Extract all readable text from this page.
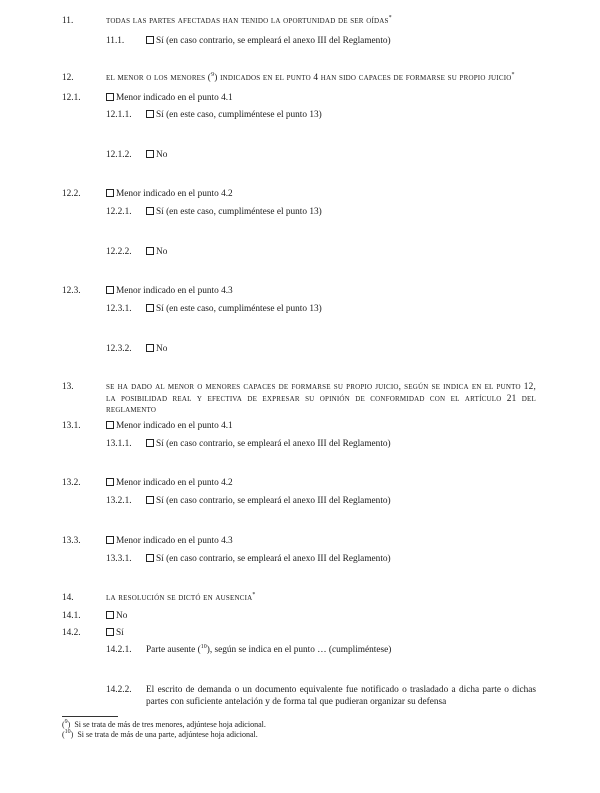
11.	todas las partes afectadas han tenido la oportunidad de ser oídas*
11.1.	Sí (en caso contrario, se empleará el anexo III del Reglamento)
12.	el menor o los menores ($^9$) indicados en el punto 4 han sido capaces de formarse su propio juicio*
12.1.	Menor indicado en el punto 4.1
12.1.1.	Sí (en este caso, cumpliméntese el punto 13)
12.1.2.	No
12.2.	Menor indicado en el punto 4.2
12.2.1.	Sí (en este caso, cumpliméntese el punto 13)
12.2.2.	No
12.3.	Menor indicado en el punto 4.3
12.3.1.	Sí (en este caso, cumpliméntese el punto 13)
12.3.2.	No
13.	se ha dado al menor o menores capaces de formarse su propio juicio, según se indica en el punto 12, la posibilidad real y efectiva de expresar su opinión de conformidad con el artículo 21 del reglamento
13.1.	Menor indicado en el punto 4.1
13.1.1.	Sí (en caso contrario, se empleará el anexo III del Reglamento)
13.2.	Menor indicado en el punto 4.2
13.2.1.	Sí (en caso contrario, se empleará el anexo III del Reglamento)
13.3.	Menor indicado en el punto 4.3
13.3.1.	Sí (en caso contrario, se empleará el anexo III del Reglamento)
14.	la resolución se dictó en ausencia*
14.1.	No
14.2.	Sí
14.2.1. Parte ausente ($^{10}$), según se indica en el punto … (cumpliméntese)
14.2.2. El escrito de demanda o un documento equivalente fue notificado o trasladado a dicha parte o dichas partes con suficiente antelación y de forma tal que pudieran organizar su defensa
($^9$)  Si se trata de más de tres menores, adjúntese hoja adicional.
($^{10}$)  Si se trata de más de una parte, adjúntese hoja adicional.
